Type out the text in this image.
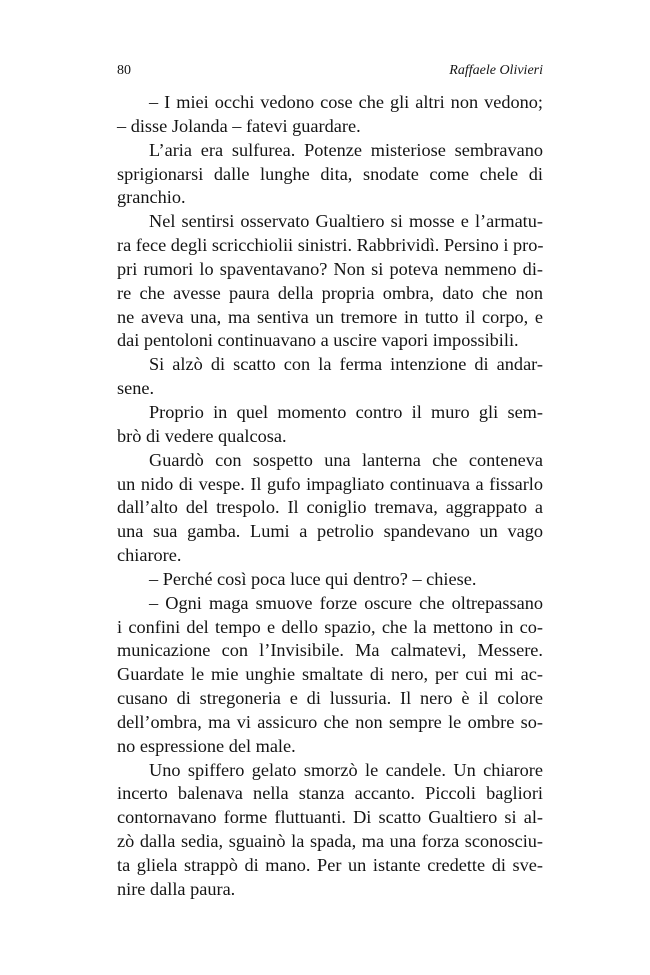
80	Raffaele Olivieri
– I miei occhi vedono cose che gli altri non vedono;
– disse Jolanda – fatevi guardare.
L’aria era sulfurea. Potenze misteriose sembravano
sprigionarsi dalle lunghe dita, snodate come chele di
granchio.
Nel sentirsi osservato Gualtiero si mosse e l’armatu-
ra fece degli scricchiolii sinistri. Rabbrividì. Persino i pro-
pri rumori lo spaventavano? Non si poteva nemmeno di-
re che avesse paura della propria ombra, dato che non
ne aveva una, ma sentiva un tremore in tutto il corpo, e
dai pentoloni continuavano a uscire vapori impossibili.
Si alzò di scatto con la ferma intenzione di andar-
sene.
Proprio in quel momento contro il muro gli sem-
brò di vedere qualcosa.
Guardò con sospetto una lanterna che conteneva
un nido di vespe. Il gufo impagliato continuava a fissarlo
dall’alto del trespolo. Il coniglio tremava, aggrappato a
una sua gamba. Lumi a petrolio spandevano un vago
chiarore.
– Perché così poca luce qui dentro? – chiese.
– Ogni maga smuove forze oscure che oltrepassano
i confini del tempo e dello spazio, che la mettono in co-
municazione con l’Invisibile. Ma calmatevi, Messere.
Guardate le mie unghie smaltate di nero, per cui mi ac-
cusano di stregoneria e di lussuria. Il nero è il colore
dell’ombra, ma vi assicuro che non sempre le ombre so-
no espressione del male.
Uno spiffero gelato smorzò le candele. Un chiarore
incerto balenava nella stanza accanto. Piccoli bagliori
contornavano forme fluttuanti. Di scatto Gualtiero si al-
zò dalla sedia, sguainò la spada, ma una forza sconosciu-
ta gliela strappò di mano. Per un istante credette di sve-
nire dalla paura.
